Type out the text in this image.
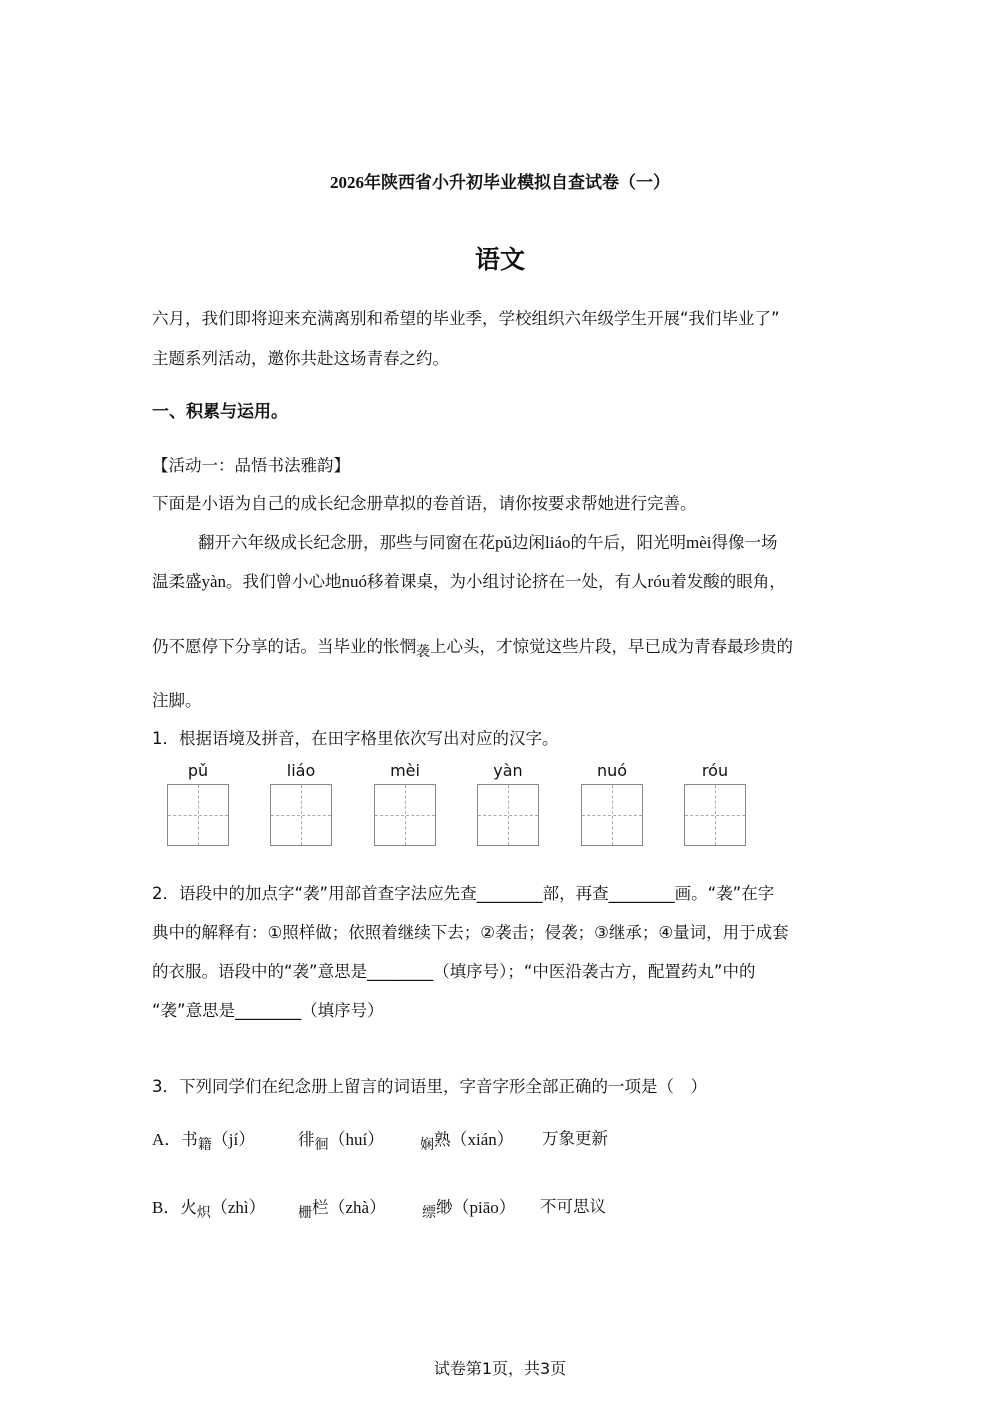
2026年陕西省小升初毕业模拟自查试卷（一）
语文
六月，我们即将迎来充满离别和希望的毕业季，学校组织六年级学生开展“我们毕业了”
主题系列活动，邀你共赴这场青春之约。
一、积累与运用。
【活动一：品悟书法雅韵】
下面是小语为自己的成长纪念册草拟的卷首语，请你按要求帮她进行完善。
翻开六年级成长纪念册，那些与同窗在花pǔ边闲liáo的午后，阳光明mèi得像一场
温柔盛yàn。我们曾小心地nuó移着课桌，为小组讨论挤在一处，有人róu着发酸的眼角，
仍不愿停下分享的话。当毕业的怅惘袭上心头，才惊觉这些片段，早已成为青春最珍贵的
注脚。
1．根据语境及拼音，在田字格里依次写出对应的汉字。
pǔ	liáo	mèi	yàn	nuó	róu
2．语段中的加点字“袭”用部首查字法应先查________部，再查________画。“袭”在字
典中的解释有：①照样做；依照着继续下去；②袭击；侵袭；③继承；④量词，用于成套
的衣服。语段中的“袭”意思是________（填序号）；“中医沿袭古方，配置药丸”中的
“袭”意思是________（填序号）
3．下列同学们在纪念册上留言的词语里，字音字形全部正确的一项是（　）
A．书籍（jí）	徘徊（huí）	娴熟（xián） 万象更新
B．火炽（zhì） 栅栏（zhà）	缥缈（piāo） 不可思议
试卷第1页，共3页
